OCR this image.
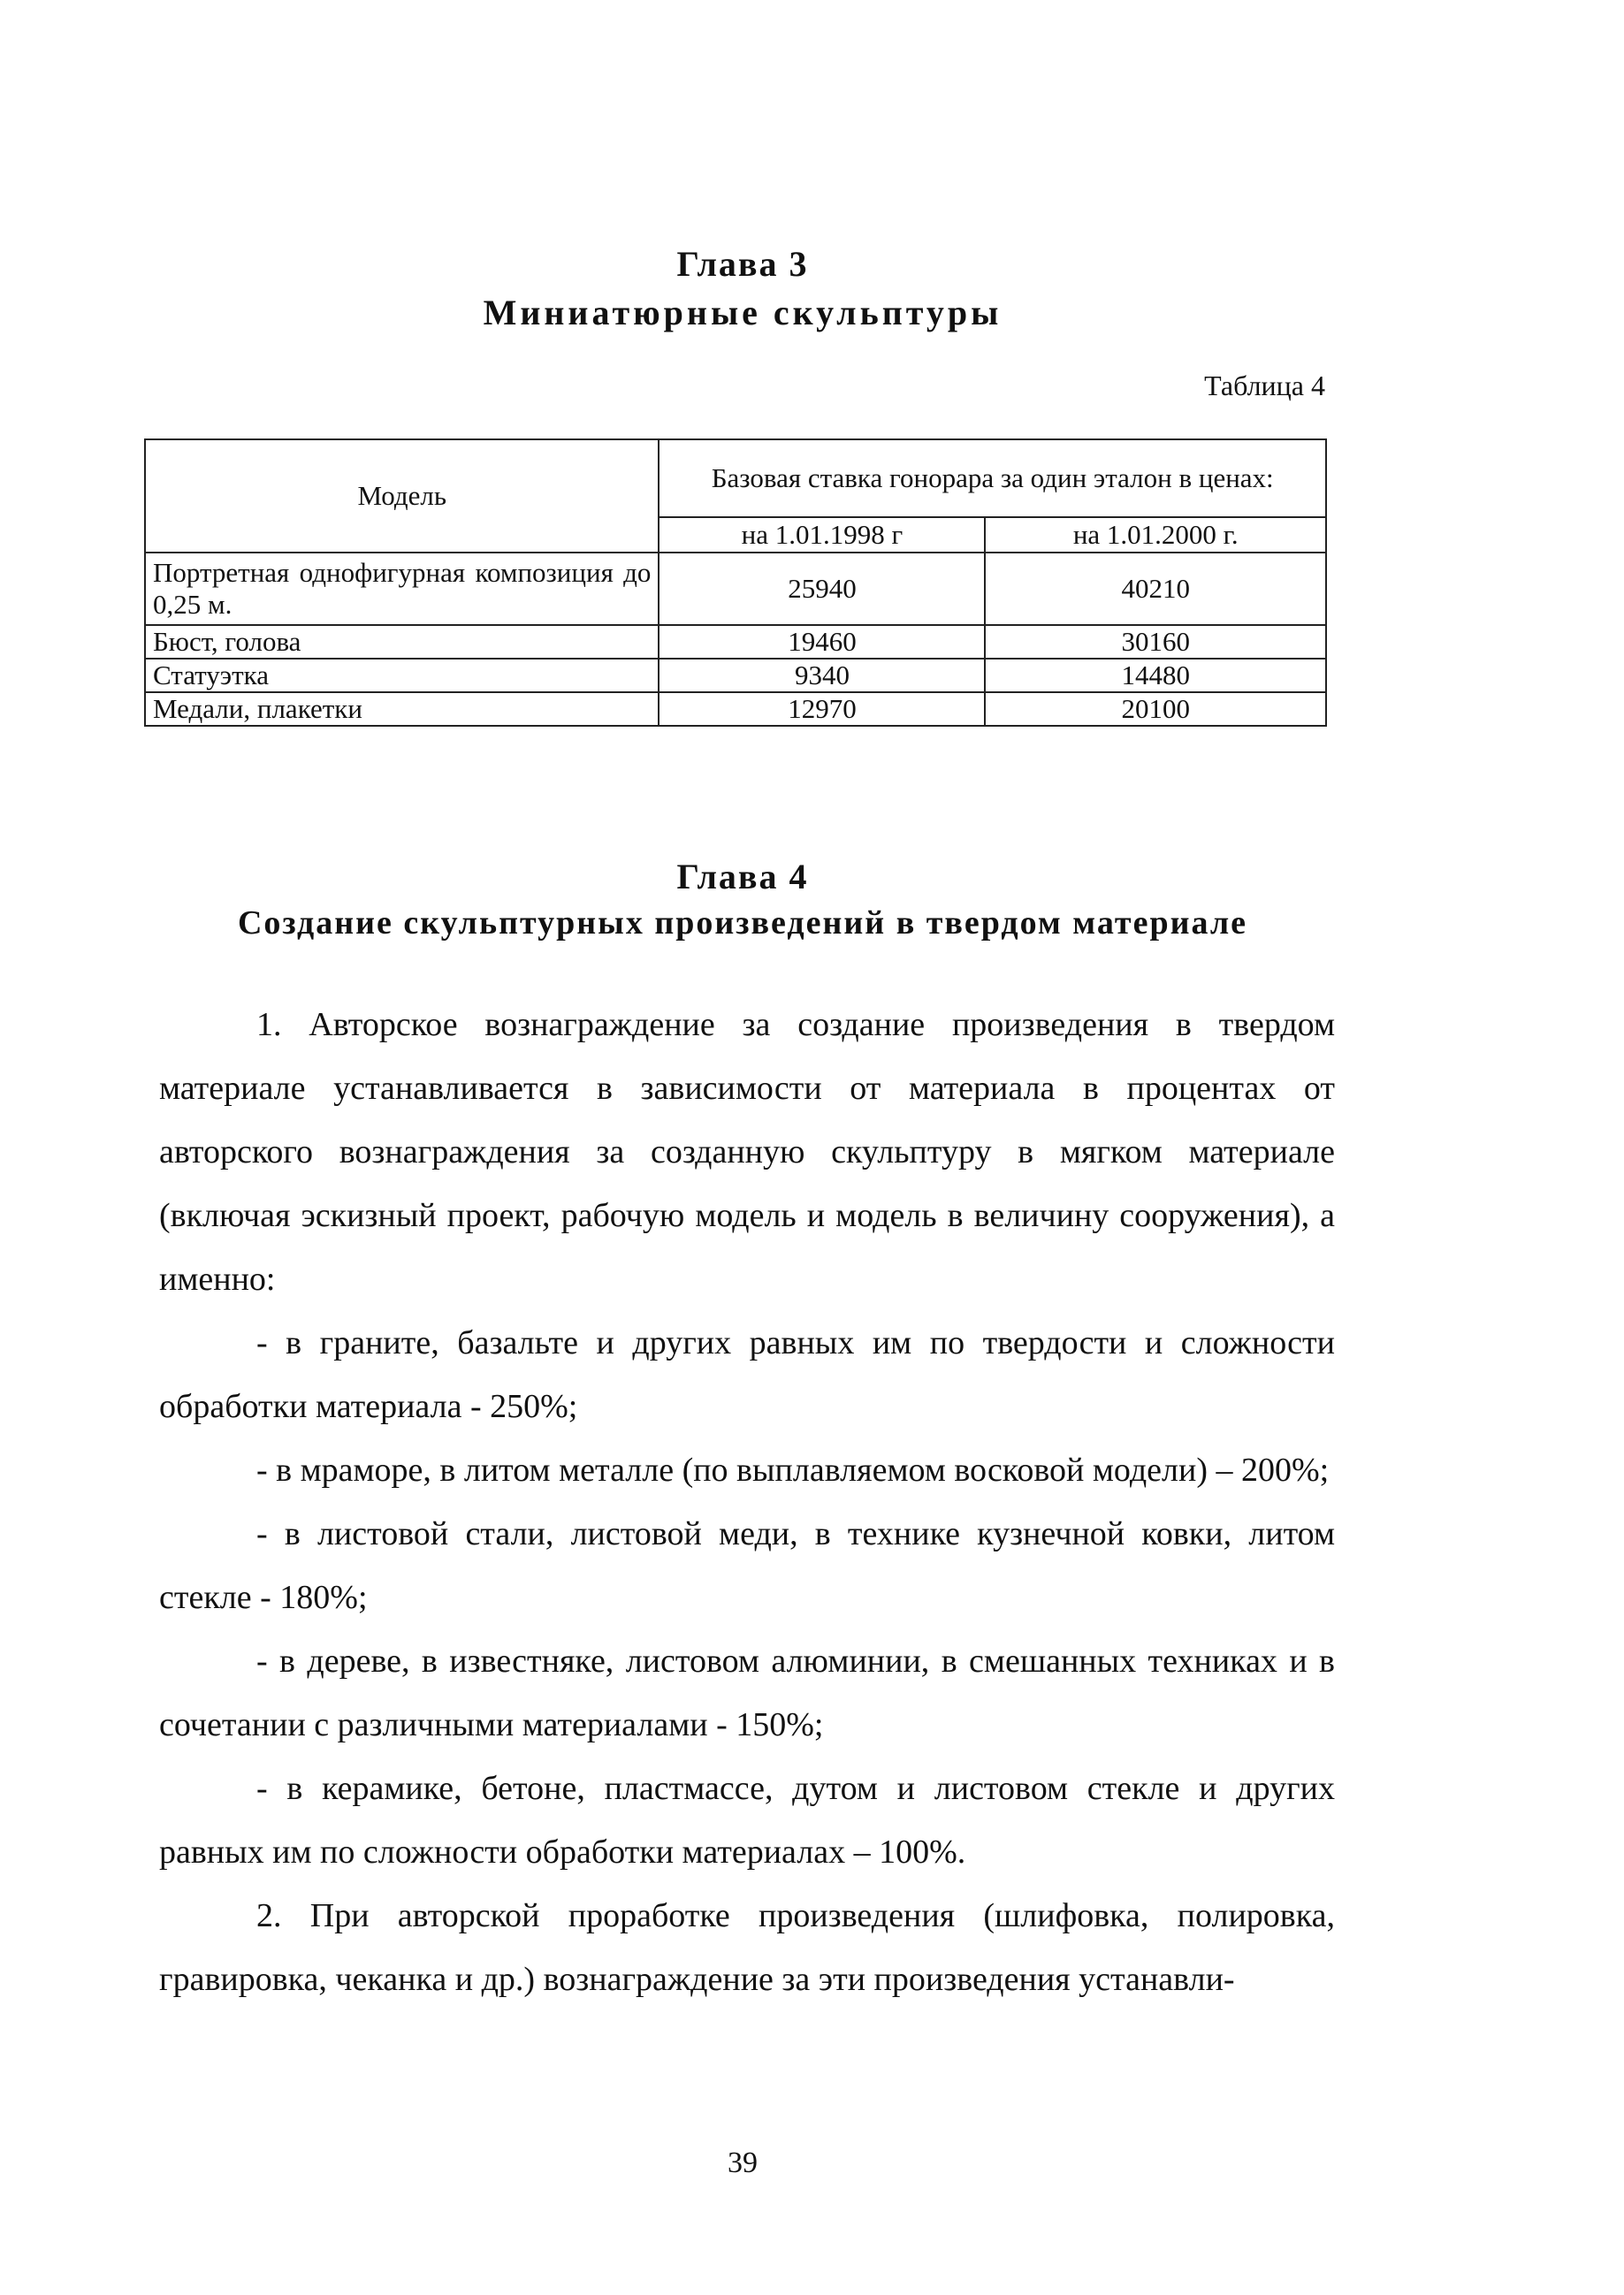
Глава 3
Миниатюрные скульптуры
Таблица 4
Модель	Базовая ставка гонорара за один эталон в ценах:	
	на 1.01.1998 г	на 1.01.2000 г.
Портретная однофигурная композиция до 0,25 м.	25940	40210
Бюст, голова	19460	30160
Статуэтка	9340	14480
Медали, плакетки	12970	20100
Глава 4
Создание скульптурных произведений в твердом материале

1. Авторское вознаграждение за создание произведения в твердом материале устанавливается в зависимости от материала в процентах от авторского вознаграждения за созданную скульптуру в мягком материале (включая эскизный проект, рабочую модель и модель в величину сооружения), а именно:

- в граните, базальте и других равных им по твердости и сложности обработки материала - 250%;

- в мраморе, в литом металле (по выплавляемом восковой модели) – 200%;

- в листовой стали, листовой меди, в технике кузнечной ковки, литом стекле - 180%;

- в дереве, в известняке, листовом алюминии, в смешанных техниках и в сочетании с различными материалами - 150%;

- в керамике, бетоне, пластмассе, дутом и листовом стекле и других равных им по сложности обработки материалах – 100%.

2. При авторской проработке произведения (шлифовка, полировка, гравировка, чеканка и др.) вознаграждение за эти произведения устанавли-

39
